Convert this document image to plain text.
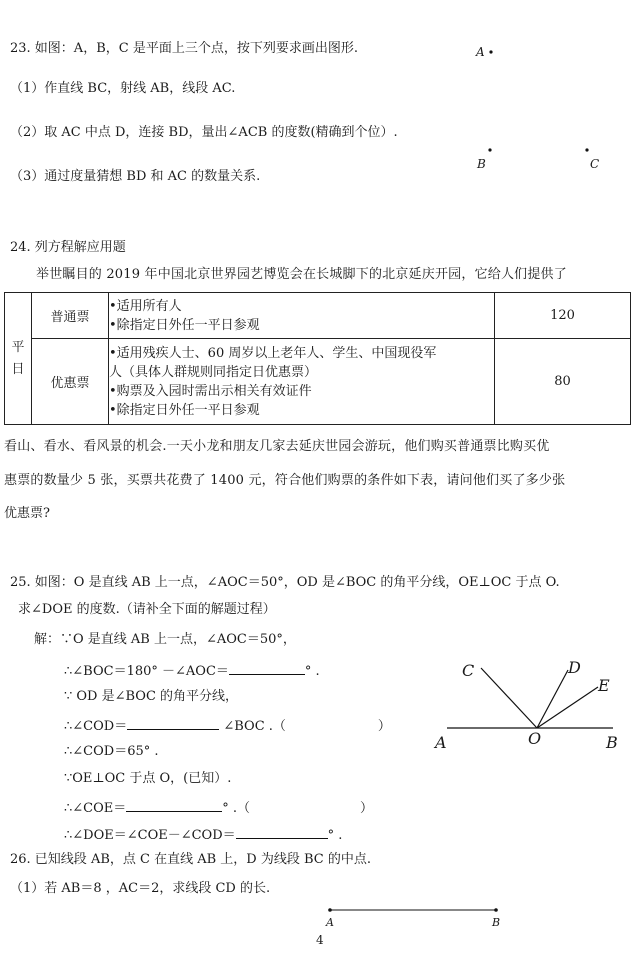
23. 如图：A，B，C 是平面上三个点，按下列要求画出图形.
（1）作直线 BC，射线 AB，线段 AC.
（2）取 AC 中点 D，连接 BD，量出∠ACB 的度数(精确到个位）.
（3）通过度量猜想 BD 和 AC 的数量关系.
A
B	C
24. 列方程解应用题
举世瞩目的 2019 年中国北京世界园艺博览会在长城脚下的北京延庆开园，它给人们提供了
平日	普通票	•适用所有人
•除指定日外任一平日参观	120
	优惠票	•适用残疾人士、60 周岁以上老年人、学生、中国现役军
人（具体人群规则同指定日优惠票）
•购票及入园时需出示相关有效证件
•除指定日外任一平日参观	80
看山、看水、看风景的机会.一天小龙和朋友几家去延庆世园会游玩，他们购买普通票比购买优
惠票的数量少 5 张，买票共花费了 1400 元，符合他们购票的条件如下表，请问他们买了多少张
优惠票?
25. 如图：O 是直线 AB 上一点，∠AOC＝50°，OD 是∠BOC 的角平分线，OE⊥OC 于点 O.
求∠DOE 的度数.（请补全下面的解题过程）
解：∵O 是直线 AB 上一点，∠AOC＝50°，
∴∠BOC＝180° －∠AOC＝	° .
∵ OD 是∠BOC 的角平分线，
∴∠COD＝	∠BOC .（	）
∴∠COD＝65° .
∵OE⊥OC 于点 O，(已知）.
∴∠COE＝	° .（	）
∴∠DOE＝∠COE－∠COD＝	° .
A	O	B
C	D
E
26. 已知线段 AB，点 C 在直线 AB 上，D 为线段 BC 的中点.
（1）若 AB＝8 ，AC＝2，求线段 CD 的长.
A	B
4
